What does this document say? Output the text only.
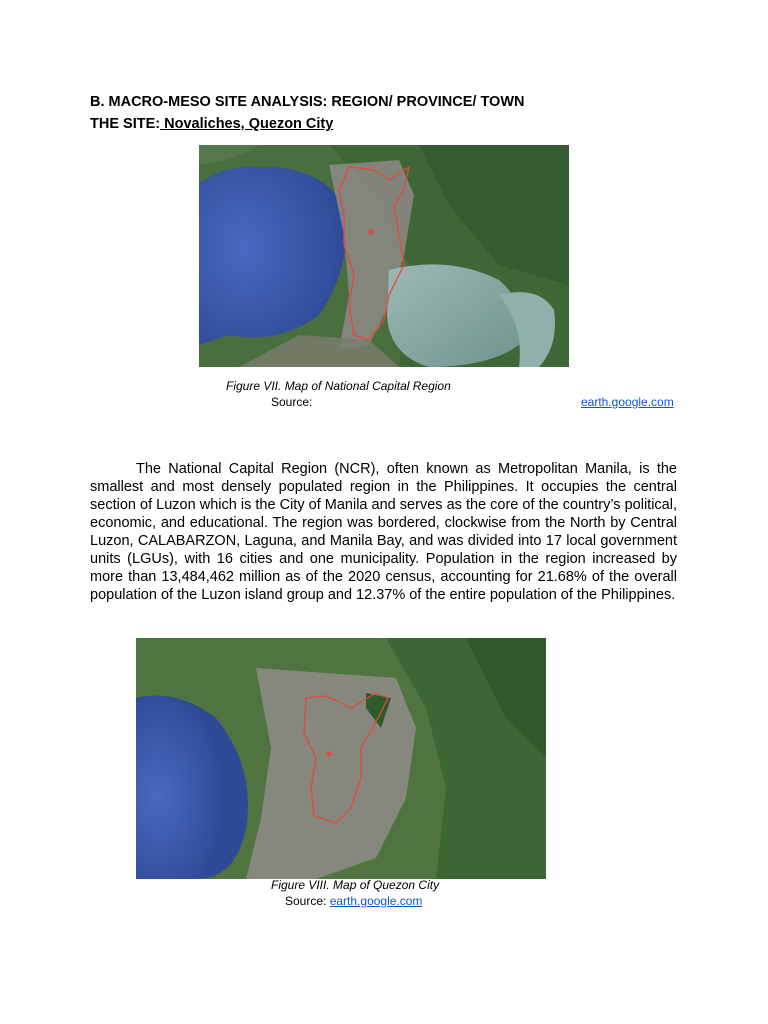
B. MACRO-MESO SITE ANALYSIS: REGION/ PROVINCE/ TOWN
THE SITE: Novaliches, Quezon City
Figure VII. Map of National Capital Region
Source:	earth.google.com

The National Capital Region (NCR), often known as Metropolitan Manila, is the smallest and most densely populated region in the Philippines. It occupies the central section of Luzon which is the City of Manila and serves as the core of the country’s political, economic, and educational. The region was bordered, clockwise from the North by Central Luzon, CALABARZON, Laguna, and Manila Bay, and was divided into 17 local government units (LGUs), with 16 cities and one municipality. Population in the region increased by more than 13,484,462 million as of the 2020 census, accounting for 21.68% of the overall population of the Luzon island group and 12.37% of the entire population of the Philippines.

Figure VIII. Map of Quezon City
Source: earth.google.com
